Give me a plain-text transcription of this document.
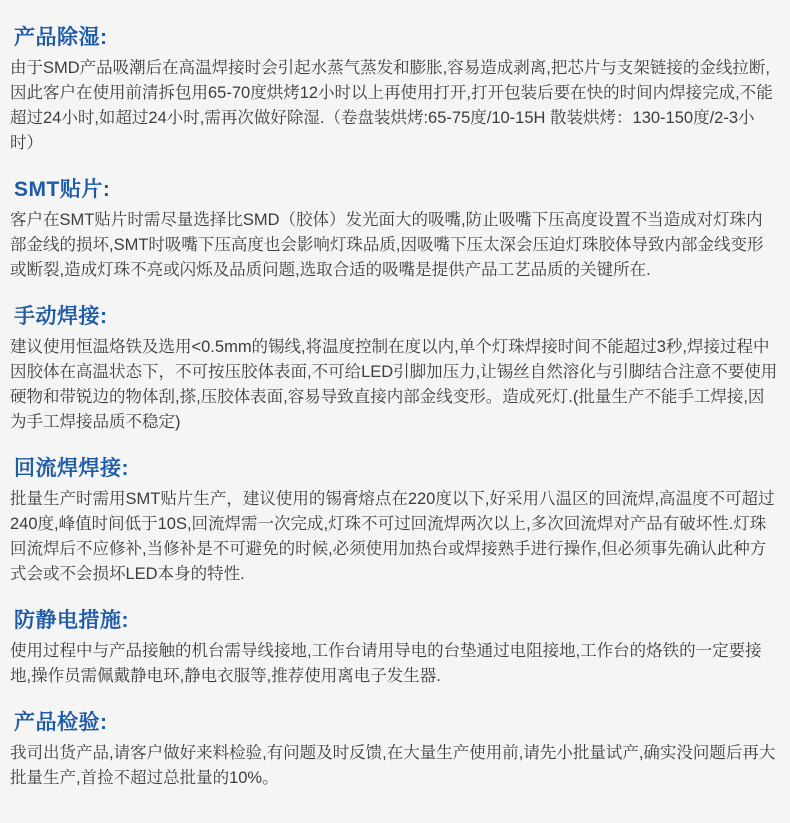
产品除湿:

由于SMD产品吸潮后在高温焊接时会引起水蒸气蒸发和膨胀,容易造成剥离,把芯片与支架链接的金线拉断,因此客户在使用前清拆包用65-70度烘烤12小时以上再使用打开,打开包装后要在快的时间内焊接完成,不能超过24小时,如超过24小时,需再次做好除湿.（卷盘装烘烤:65-75度/10-15H 散装烘烤：130-150度/2-3小时）

SMT贴片:

客户在SMT贴片时需尽量选择比SMD（胶体）发光面大的吸嘴,防止吸嘴下压高度设置不当造成对灯珠内部金线的损坏,SMT时吸嘴下压高度也会影响灯珠品质,因吸嘴下压太深会压迫灯珠胶体导致内部金线变形或断裂,造成灯珠不亮或闪烁及品质问题,选取合适的吸嘴是提供产品工艺品质的关键所在.

手动焊接:

建议使用恒温烙铁及选用<0.5mm的锡线,将温度控制在度以内,单个灯珠焊接时间不能超过3秒,焊接过程中因胶体在高温状态下，不可按压胶体表面,不可给LED引脚加压力,让锡丝自然溶化与引脚结合注意不要使用硬物和带锐边的物体刮,搽,压胶体表面,容易导致直接内部金线变形。造成死灯.(批量生产不能手工焊接,因为手工焊接品质不稳定)

回流焊焊接:

批量生产时需用SMT贴片生产，建议使用的锡膏熔点在220度以下,好采用八温区的回流焊,高温度不可超过240度,峰值时间低于10S,回流焊需一次完成,灯珠不可过回流焊两次以上,多次回流焊对产品有破坏性.灯珠回流焊后不应修补,当修补是不可避免的时候,必须使用加热台或焊接熟手进行操作,但必须事先确认此种方式会或不会损坏LED本身的特性.

防静电措施:

使用过程中与产品接触的机台需导线接地,工作台请用导电的台垫通过电阻接地,工作台的烙铁的一定要接地,操作员需佩戴静电环,静电衣服等,推荐使用离电子发生器.

产品检验:

我司出货产品,请客户做好来料检验,有问题及时反馈,在大量生产使用前,请先小批量试产,确实没问题后再大批量生产,首捡不超过总批量的10%。
